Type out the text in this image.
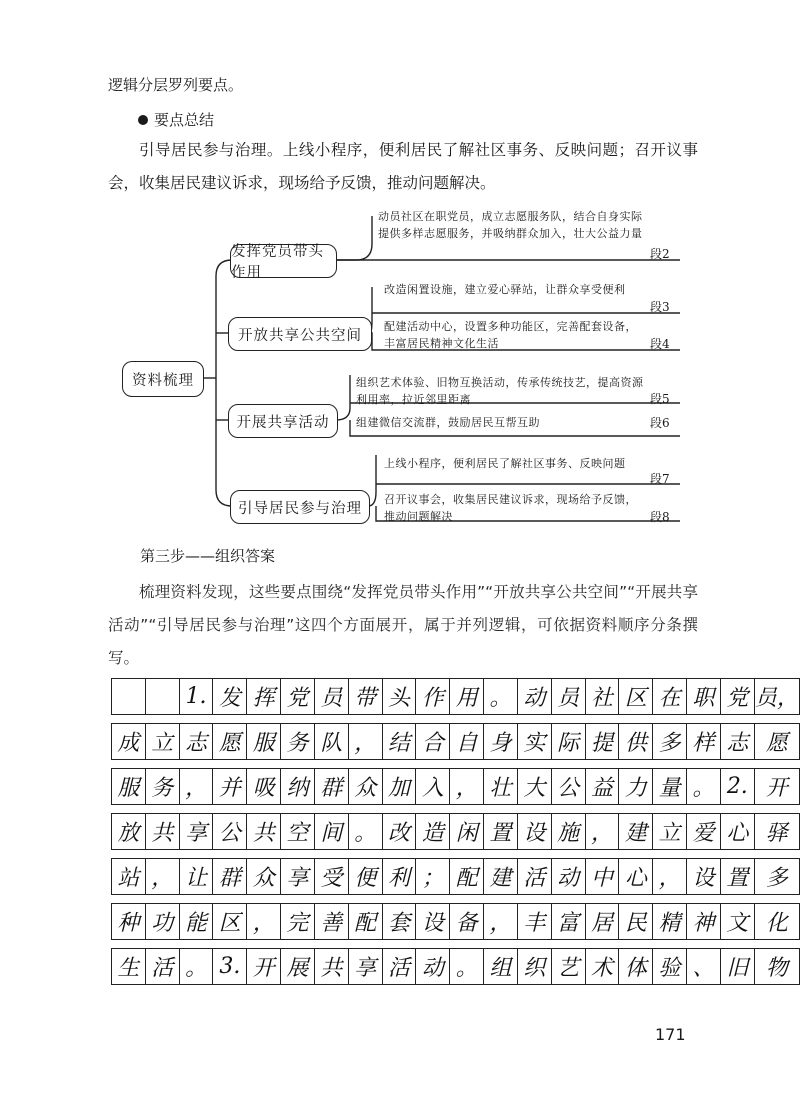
逻辑分层罗列要点。
要点总结
引导居民参与治理。上线小程序，便利居民了解社区事务、反映问题；召开议事会，收集居民建议诉求，现场给予反馈，推动问题解决。
资料梳理
发挥党员带头作用
开放共享公共空间
开展共享活动
引导居民参与治理
动员社区在职党员，成立志愿服务队，结合自身实际提供多样志愿服务，并吸纳群众加入，壮大公益力量
段2
改造闲置设施，建立爱心驿站，让群众享受便利
段3
配建活动中心，设置多种功能区，完善配套设备，丰富居民精神文化生活	段4
组织艺术体验、旧物互换活动，传承传统技艺，提高资源利用率，拉近邻里距离	段5
组建微信交流群，鼓励居民互帮互助	段6
上线小程序，便利居民了解社区事务、反映问题
段7
召开议事会，收集居民建议诉求，现场给予反馈，推动问题解决	段8
第三步——组织答案
梳理资料发现，这些要点围绕“发挥党员带头作用”“开放共享公共空间”“开展共享活动”“引导居民参与治理”这四个方面展开，属于并列逻辑，可依据资料顺序分条撰写。
		1.	发	挥	党	员	带	头	作	用	。	动	员	社	区	在	职	党	员，

成	立	志	愿	服	务	队	，	结	合	自	身	实	际	提	供	多	样	志	愿

服	务	，	并	吸	纳	群	众	加	入	，	壮	大	公	益	力	量	。	2.	开

放	共	享	公	共	空	间	。	改	造	闲	置	设	施	，	建	立	爱	心	驿

站	，	让	群	众	享	受	便	利	；	配	建	活	动	中	心	，	设	置	多

种	功	能	区	，	完	善	配	套	设	备	，	丰	富	居	民	精	神	文	化

生	活	。	3.	开	展	共	享	活	动	。	组	织	艺	术	体	验	、	旧	物
171
